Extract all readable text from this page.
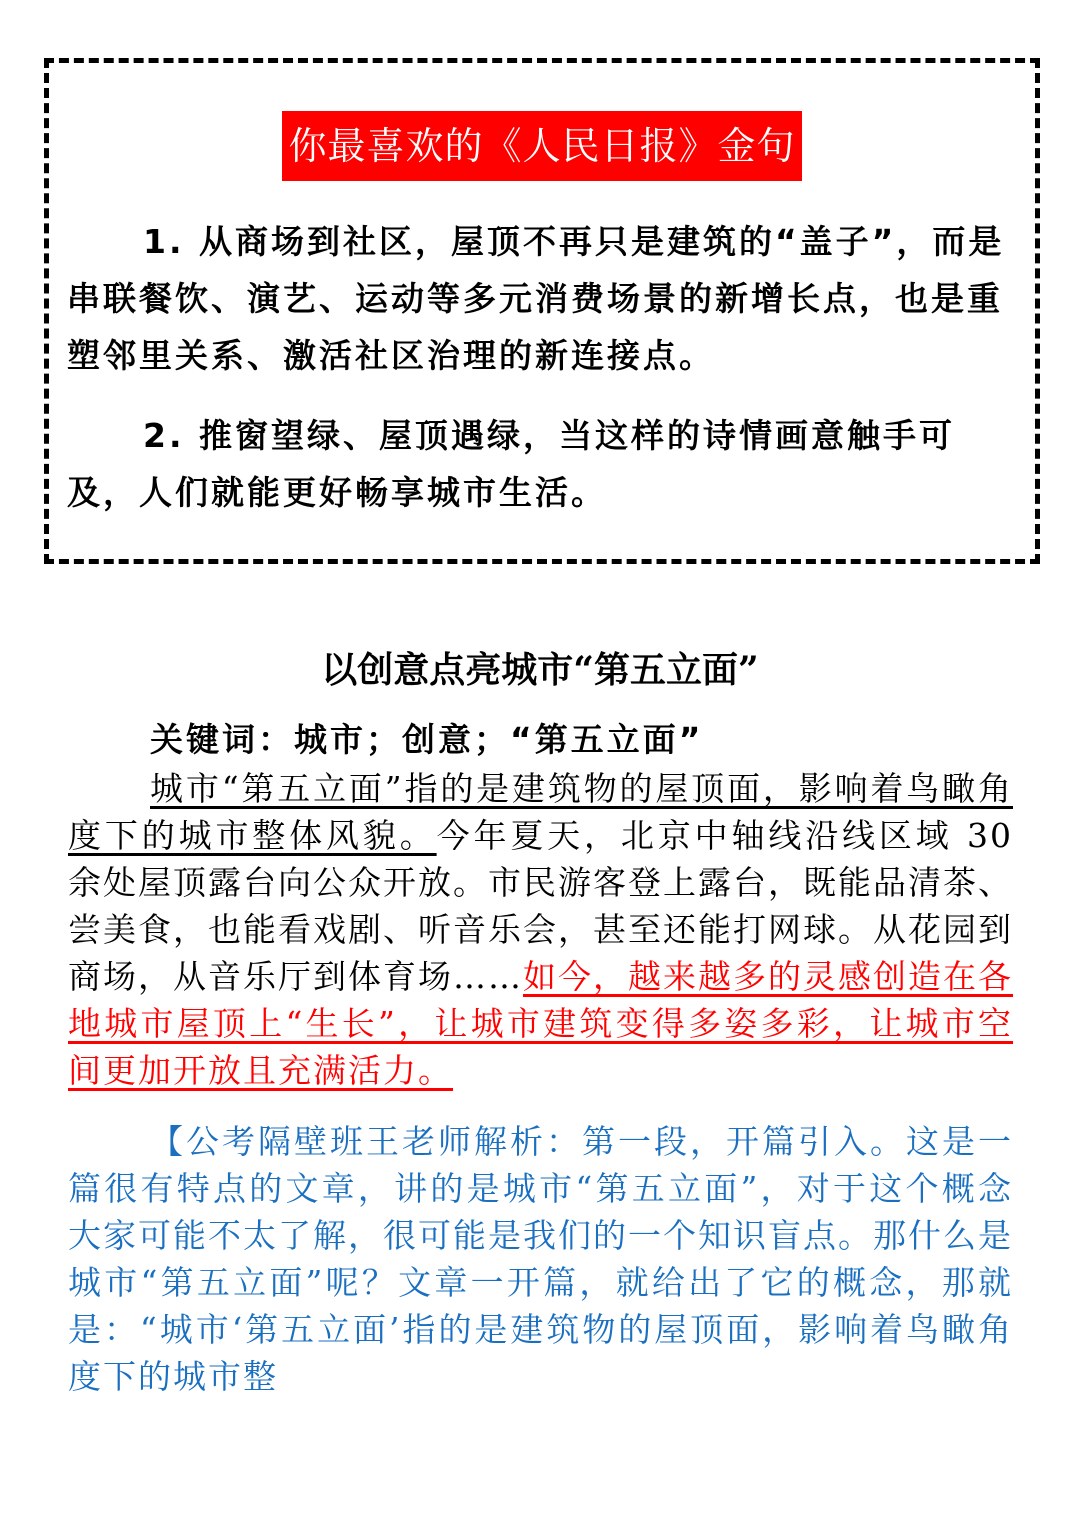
你最喜欢的《人民日报》金句

1. 从商场到社区，屋顶不再只是建筑的“盖子”，而是串联餐饮、演艺、运动等多元消费场景的新增长点，也是重塑邻里关系、激活社区治理的新连接点。

2. 推窗望绿、屋顶遇绿，当这样的诗情画意触手可及，人们就能更好畅享城市生活。

以创意点亮城市“第五立面”

关键词：城市；创意；“第五立面”

城市“第五立面”指的是建筑物的屋顶面，影响着鸟瞰角度下的城市整体风貌。今年夏天，北京中轴线沿线区域 30 余处屋顶露台向公众开放。市民游客登上露台，既能品清茶、尝美食，也能看戏剧、听音乐会，甚至还能打网球。从花园到商场，从音乐厅到体育场……如今，越来越多的灵感创造在各地城市屋顶上“生长”，让城市建筑变得多姿多彩，让城市空间更加开放且充满活力。

【公考隔壁班王老师解析：第一段，开篇引入。这是一篇很有特点的文章，讲的是城市“第五立面”，对于这个概念大家可能不太了解，很可能是我们的一个知识盲点。那什么是城市“第五立面”呢？文章一开篇，就给出了它的概念，那就是：“城市‘第五立面’指的是建筑物的屋顶面，影响着鸟瞰角度下的城市整
